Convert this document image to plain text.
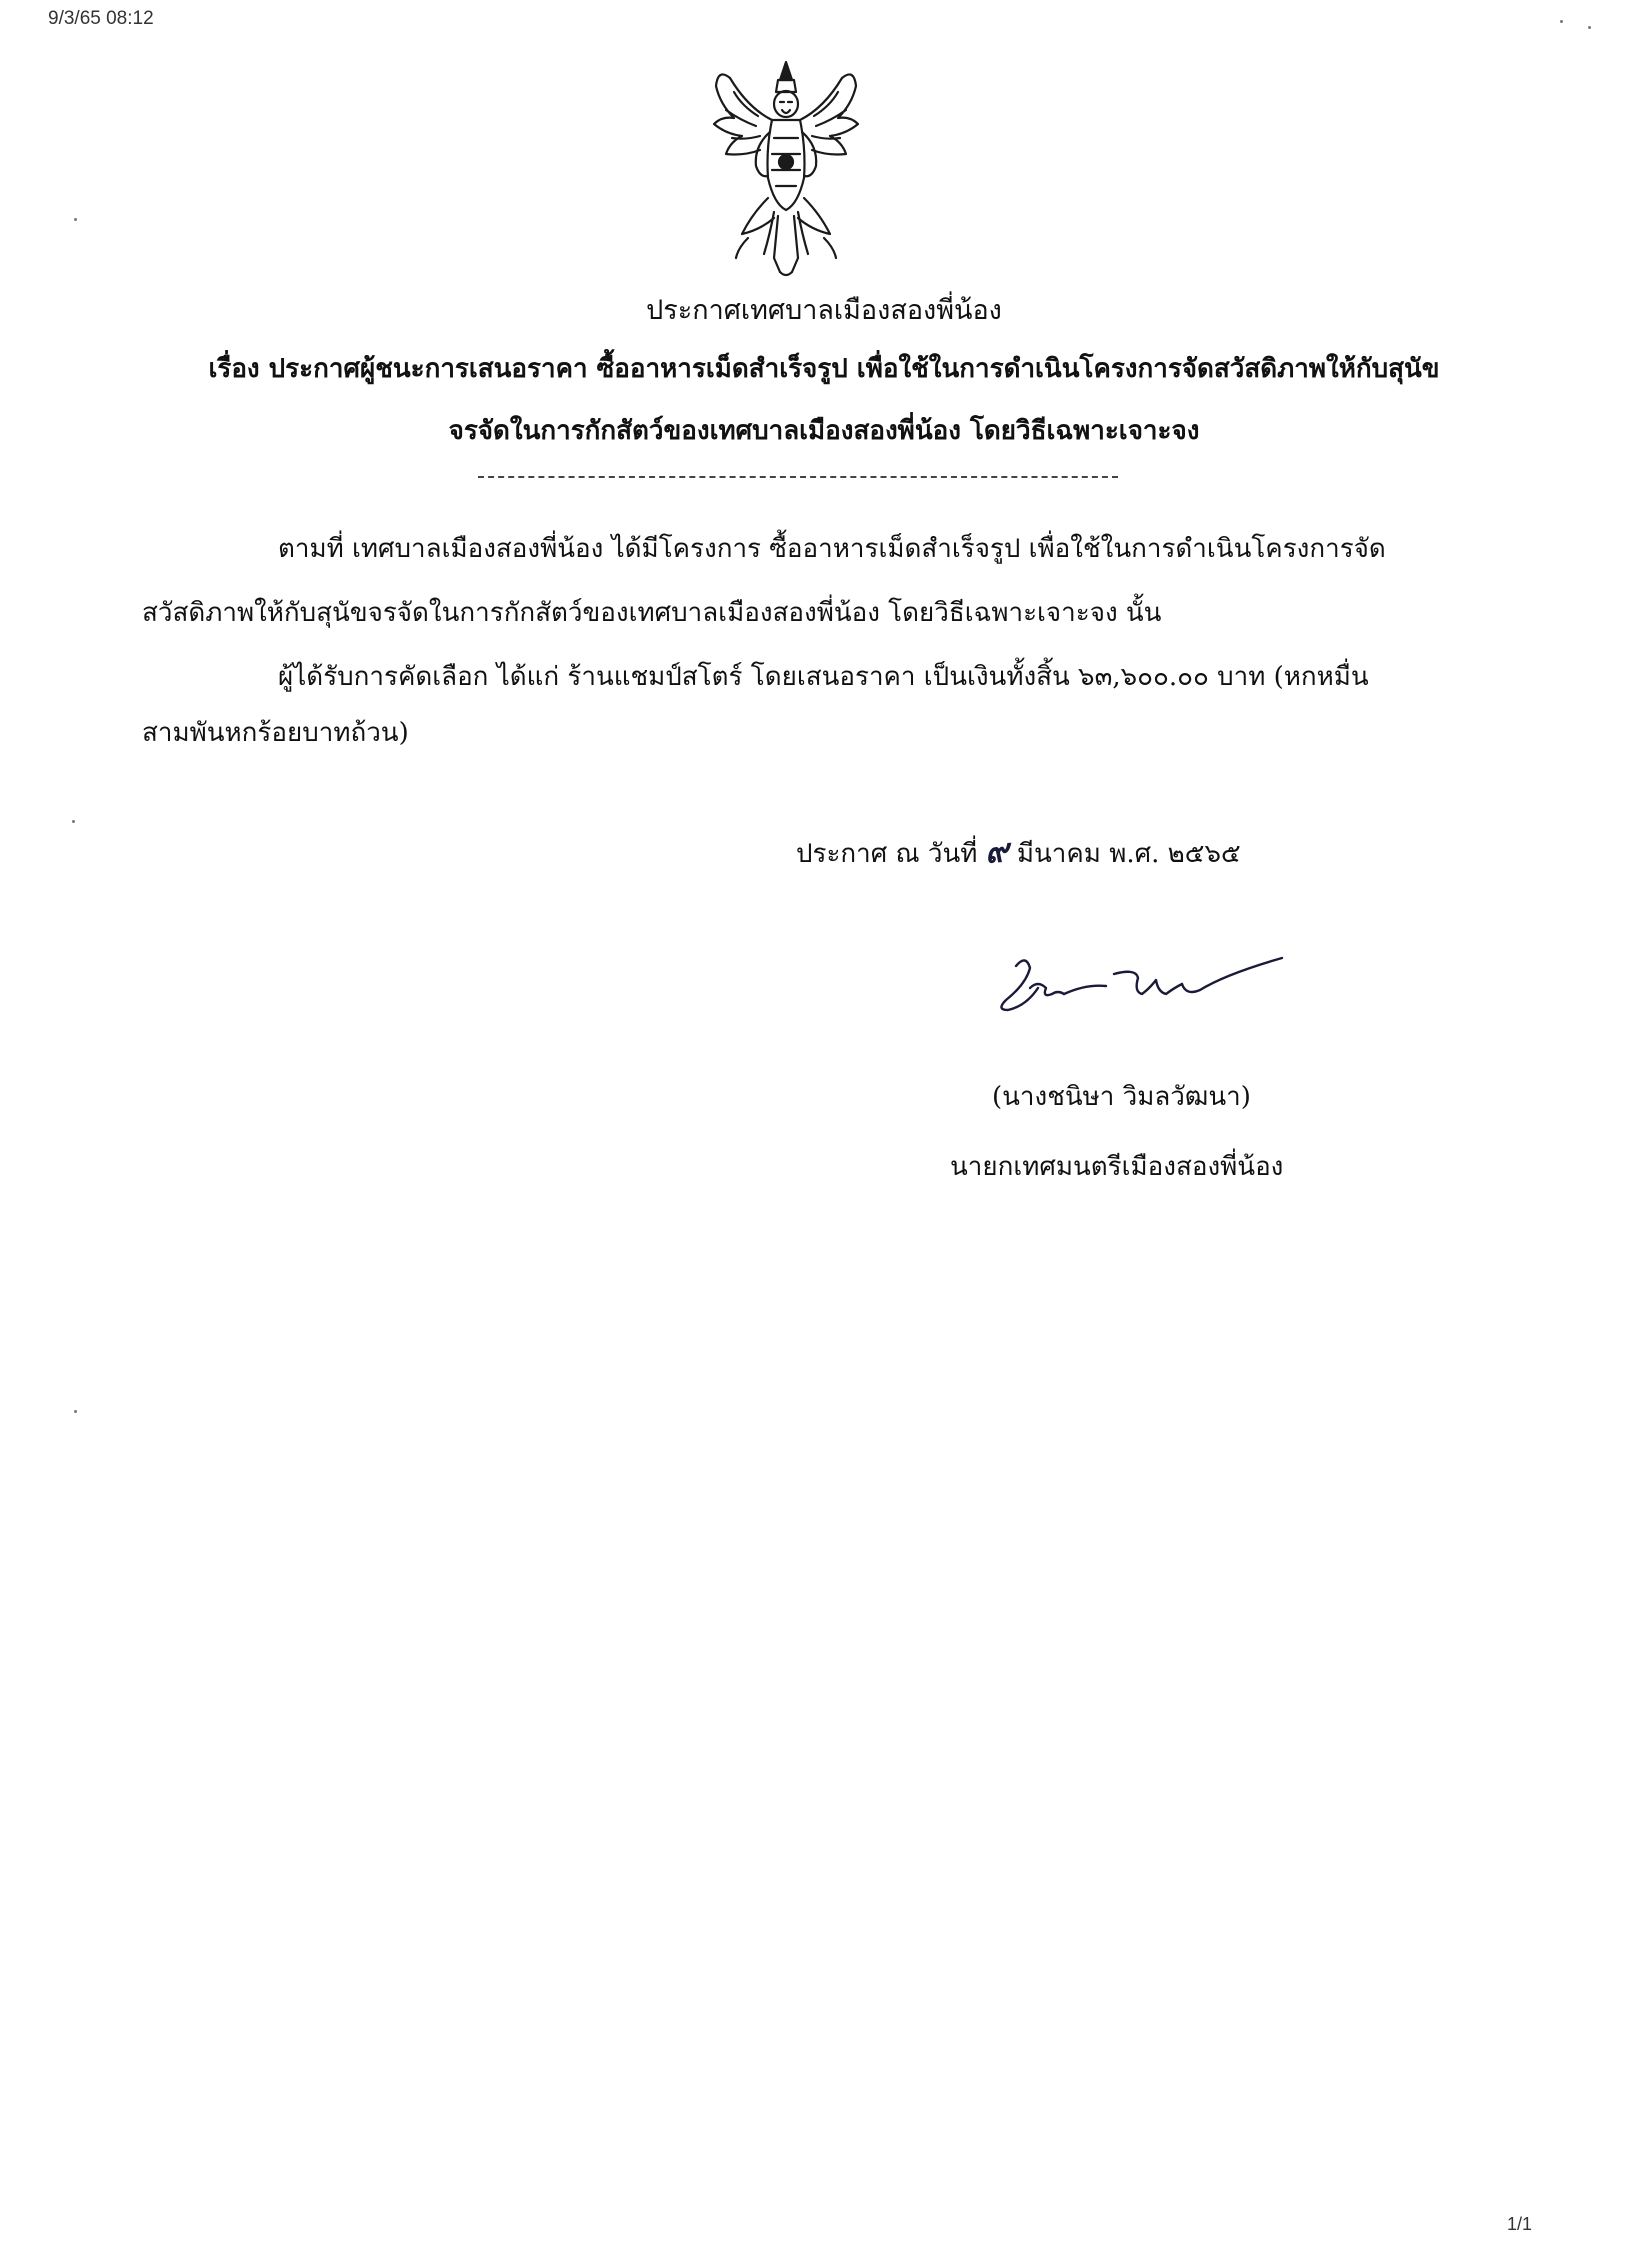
9/3/65 08:12
ประกาศเทศบาลเมืองสองพี่น้อง
เรื่อง ประกาศผู้ชนะการเสนอราคา ซื้ออาหารเม็ดสำเร็จรูป เพื่อใช้ในการดำเนินโครงการจัดสวัสดิภาพให้กับสุนัข
จรจัดในการกักสัตว์ของเทศบาลเมืองสองพี่น้อง โดยวิธีเฉพาะเจาะจง
ตามที่ เทศบาลเมืองสองพี่น้อง ได้มีโครงการ ซื้ออาหารเม็ดสำเร็จรูป เพื่อใช้ในการดำเนินโครงการจัด
สวัสดิภาพให้กับสุนัขจรจัดในการกักสัตว์ของเทศบาลเมืองสองพี่น้อง โดยวิธีเฉพาะเจาะจง นั้น
ผู้ได้รับการคัดเลือก ได้แก่ ร้านแชมป์สโตร์ โดยเสนอราคา เป็นเงินทั้งสิ้น ๖๓,๖๐๐.๐๐ บาท (หกหมื่น
สามพันหกร้อยบาทถ้วน)
ประกาศ ณ วันที่ ๙ มีนาคม พ.ศ. ๒๕๖๕
(นางชนิษา วิมลวัฒนา)
นายกเทศมนตรีเมืองสองพี่น้อง
1/1
